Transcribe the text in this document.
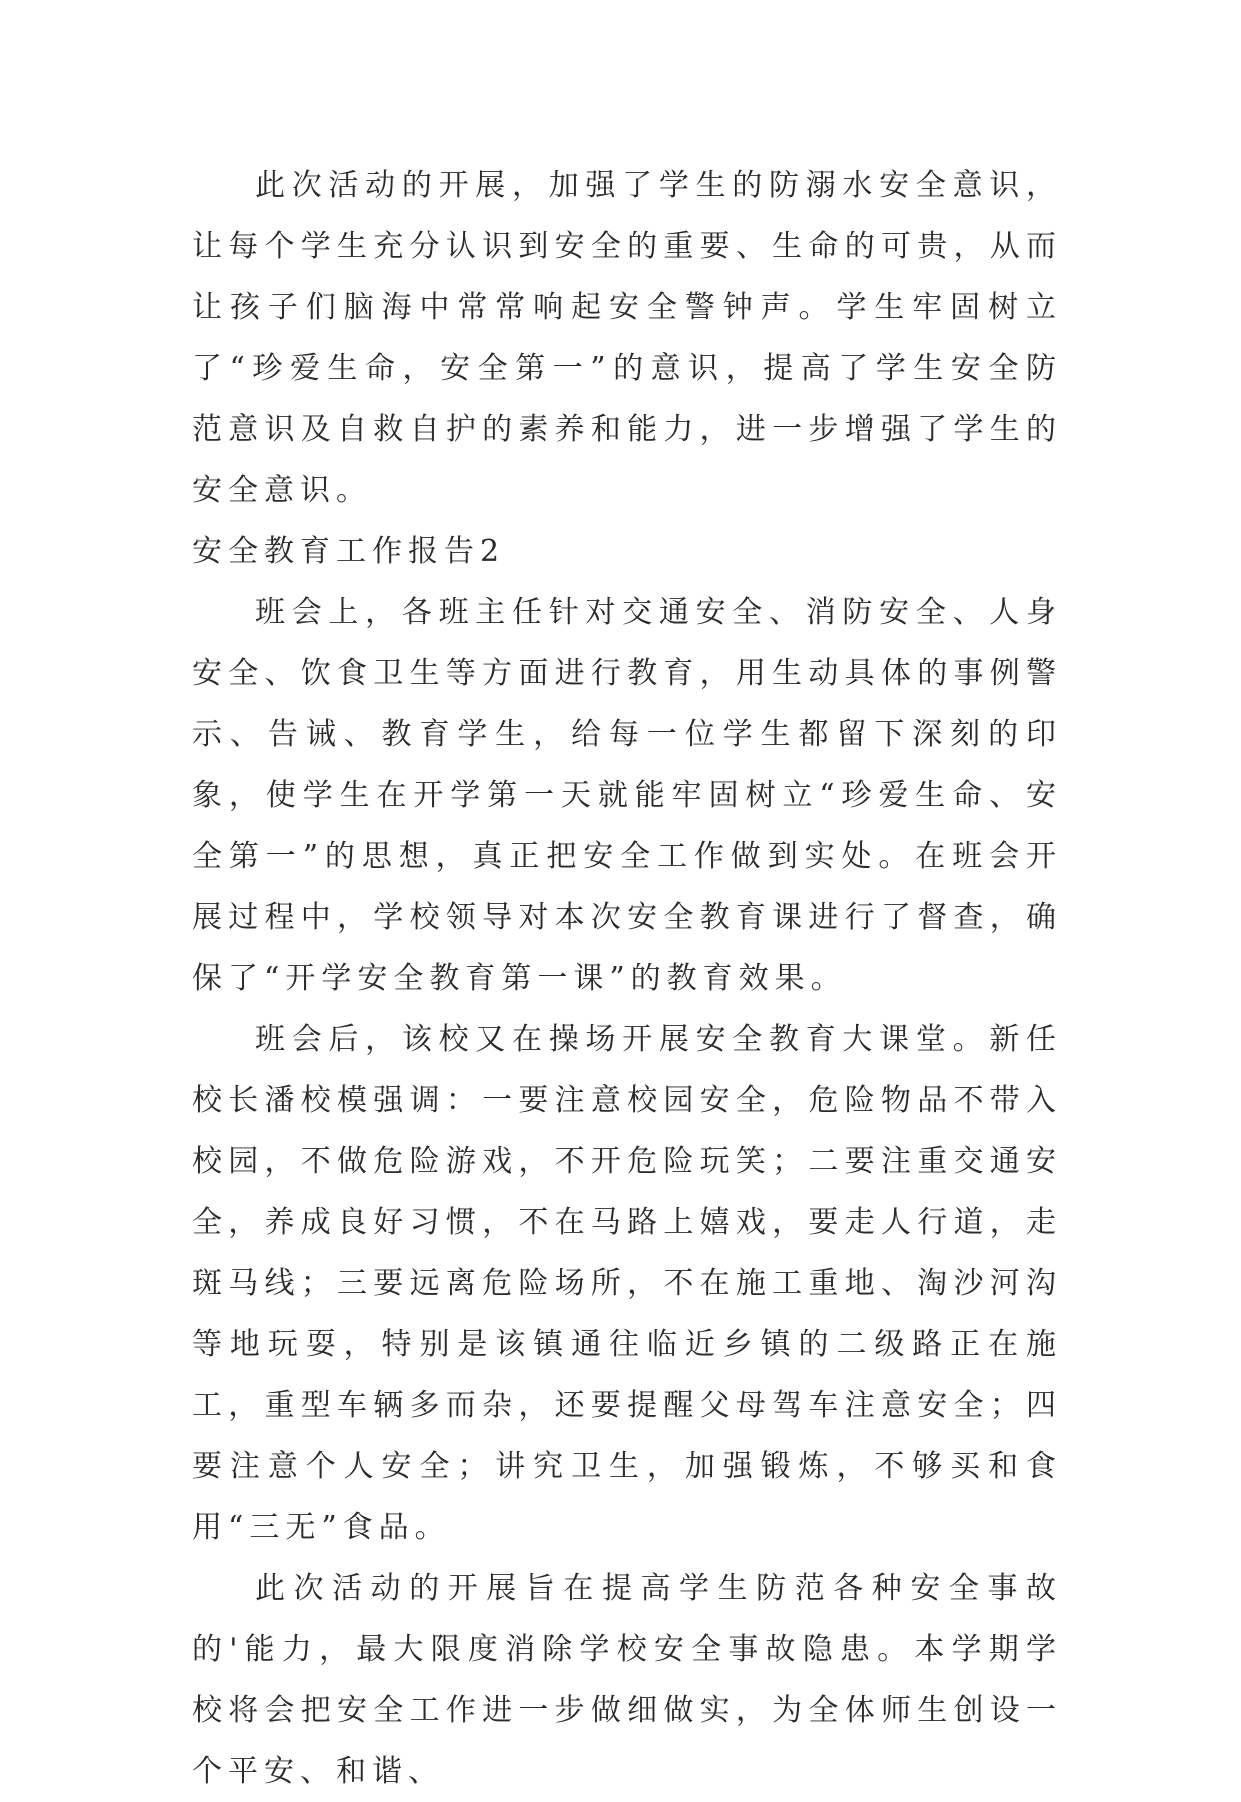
此次活动的开展，加强了学生的防溺水安全意识，让每个学生充分认识到安全的重要、生命的可贵，从而让孩子们脑海中常常响起安全警钟声。学生牢固树立了“珍爱生命，安全第一”的意识，提高了学生安全防范意识及自救自护的素养和能力，进一步增强了学生的安全意识。

安全教育工作报告2

班会上，各班主任针对交通安全、消防安全、人身安全、饮食卫生等方面进行教育，用生动具体的事例警示、告诫、教育学生，给每一位学生都留下深刻的印象，使学生在开学第一天就能牢固树立“珍爱生命、安全第一”的思想，真正把安全工作做到实处。在班会开展过程中，学校领导对本次安全教育课进行了督查，确保了“开学安全教育第一课”的教育效果。

班会后，该校又在操场开展安全教育大课堂。新任校长潘校模强调：一要注意校园安全，危险物品不带入校园，不做危险游戏，不开危险玩笑；二要注重交通安全，养成良好习惯，不在马路上嬉戏，要走人行道，走斑马线；三要远离危险场所，不在施工重地、淘沙河沟等地玩耍，特别是该镇通往临近乡镇的二级路正在施工，重型车辆多而杂，还要提醒父母驾车注意安全；四要注意个人安全；讲究卫生，加强锻炼，不够买和食用“三无”食品。

此次活动的开展旨在提高学生防范各种安全事故的'能力，最大限度消除学校安全事故隐患。本学期学校将会把安全工作进一步做细做实，为全体师生创设一个平安、和谐、
